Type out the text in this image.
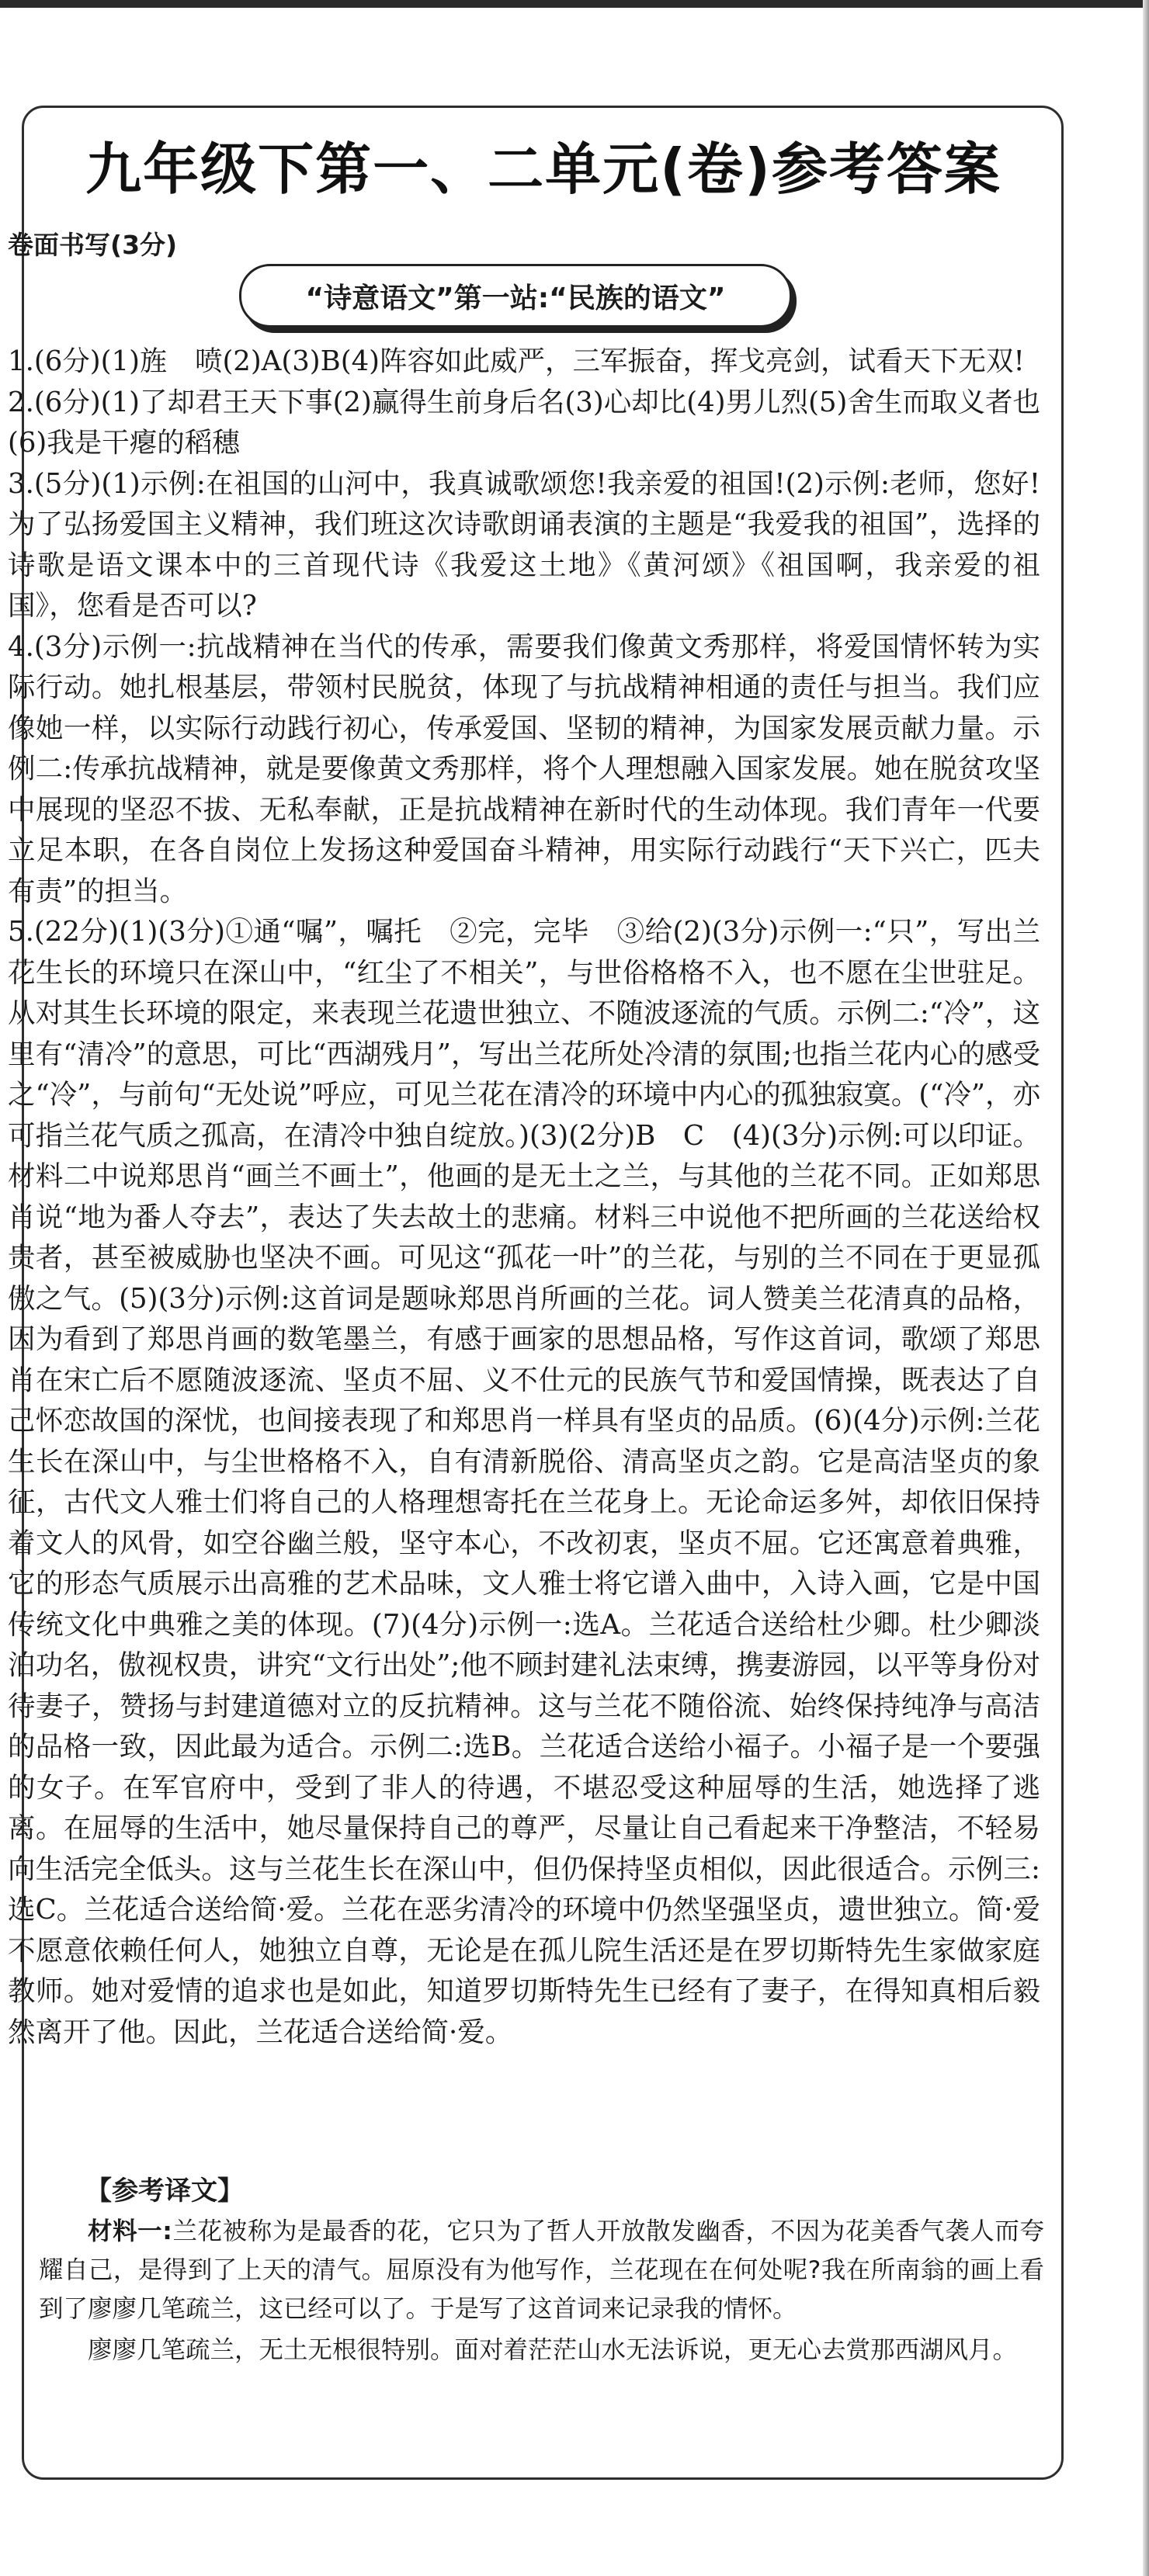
九年级下第一、二单元(卷)参考答案
卷面书写(3分)
“诗意语文”第一站:“民族的语文”

1.(6分)(1)旌　喷(2)A(3)B(4)阵容如此威严，三军振奋，挥戈亮剑，试看天下无双!

2.(6分)(1)了却君王天下事(2)赢得生前身后名(3)心却比(4)男儿烈(5)舍生而取义者也(6)我是干瘪的稻穗

3.(5分)(1)示例:在祖国的山河中，我真诚歌颂您!我亲爱的祖国!(2)示例:老师，您好!为了弘扬爱国主义精神，我们班这次诗歌朗诵表演的主题是“我爱我的祖国”，选择的诗歌是语文课本中的三首现代诗《我爱这土地》《黄河颂》《祖国啊，我亲爱的祖国》，您看是否可以?

4.(3分)示例一:抗战精神在当代的传承，需要我们像黄文秀那样，将爱国情怀转为实际行动。她扎根基层，带领村民脱贫，体现了与抗战精神相通的责任与担当。我们应像她一样，以实际行动践行初心，传承爱国、坚韧的精神，为国家发展贡献力量。示例二:传承抗战精神，就是要像黄文秀那样，将个人理想融入国家发展。她在脱贫攻坚中展现的坚忍不拔、无私奉献，正是抗战精神在新时代的生动体现。我们青年一代要立足本职，在各自岗位上发扬这种爱国奋斗精神，用实际行动践行“天下兴亡，匹夫有责”的担当。

5.(22分)(1)(3分)①通“嘱”，嘱托　②完，完毕　③给(2)(3分)示例一:“只”，写出兰花生长的环境只在深山中，“红尘了不相关”，与世俗格格不入，也不愿在尘世驻足。从对其生长环境的限定，来表现兰花遗世独立、不随波逐流的气质。示例二:“冷”，这里有“清冷”的意思，可比“西湖残月”，写出兰花所处冷清的氛围;也指兰花内心的感受之“冷”，与前句“无处说”呼应，可见兰花在清冷的环境中内心的孤独寂寞。(“冷”，亦可指兰花气质之孤高，在清冷中独自绽放。)(3)(2分)B　C　(4)(3分)示例:可以印证。材料二中说郑思肖“画兰不画土”，他画的是无土之兰，与其他的兰花不同。正如郑思肖说“地为番人夺去”，表达了失去故土的悲痛。材料三中说他不把所画的兰花送给权贵者，甚至被威胁也坚决不画。可见这“孤花一叶”的兰花，与别的兰不同在于更显孤傲之气。(5)(3分)示例:这首词是题咏郑思肖所画的兰花。词人赞美兰花清真的品格，因为看到了郑思肖画的数笔墨兰，有感于画家的思想品格，写作这首词，歌颂了郑思肖在宋亡后不愿随波逐流、坚贞不屈、义不仕元的民族气节和爱国情操，既表达了自己怀恋故国的深忧，也间接表现了和郑思肖一样具有坚贞的品质。(6)(4分)示例:兰花生长在深山中，与尘世格格不入，自有清新脱俗、清高坚贞之韵。它是高洁坚贞的象征，古代文人雅士们将自己的人格理想寄托在兰花身上。无论命运多舛，却依旧保持着文人的风骨，如空谷幽兰般，坚守本心，不改初衷，坚贞不屈。它还寓意着典雅，它的形态气质展示出高雅的艺术品味，文人雅士将它谱入曲中，入诗入画，它是中国传统文化中典雅之美的体现。(7)(4分)示例一:选A。兰花适合送给杜少卿。杜少卿淡泊功名，傲视权贵，讲究“文行出处”;他不顾封建礼法束缚，携妻游园，以平等身份对待妻子，赞扬与封建道德对立的反抗精神。这与兰花不随俗流、始终保持纯净与高洁的品格一致，因此最为适合。示例二:选B。兰花适合送给小福子。小福子是一个要强的女子。在军官府中，受到了非人的待遇，不堪忍受这种屈辱的生活，她选择了逃离。在屈辱的生活中，她尽量保持自己的尊严，尽量让自己看起来干净整洁，不轻易向生活完全低头。这与兰花生长在深山中，但仍保持坚贞相似，因此很适合。示例三:选C。兰花适合送给简·爱。兰花在恶劣清冷的环境中仍然坚强坚贞，遗世独立。简·爱不愿意依赖任何人，她独立自尊，无论是在孤儿院生活还是在罗切斯特先生家做家庭教师。她对爱情的追求也是如此，知道罗切斯特先生已经有了妻子，在得知真相后毅然离开了他。因此，兰花适合送给简·爱。

【参考译文】

材料一:兰花被称为是最香的花，它只为了哲人开放散发幽香，不因为花美香气袭人而夸耀自己，是得到了上天的清气。屈原没有为他写作，兰花现在在何处呢?我在所南翁的画上看到了廖廖几笔疏兰，这已经可以了。于是写了这首词来记录我的情怀。

廖廖几笔疏兰，无土无根很特别。面对着茫茫山水无法诉说，更无心去赏那西湖风月。
